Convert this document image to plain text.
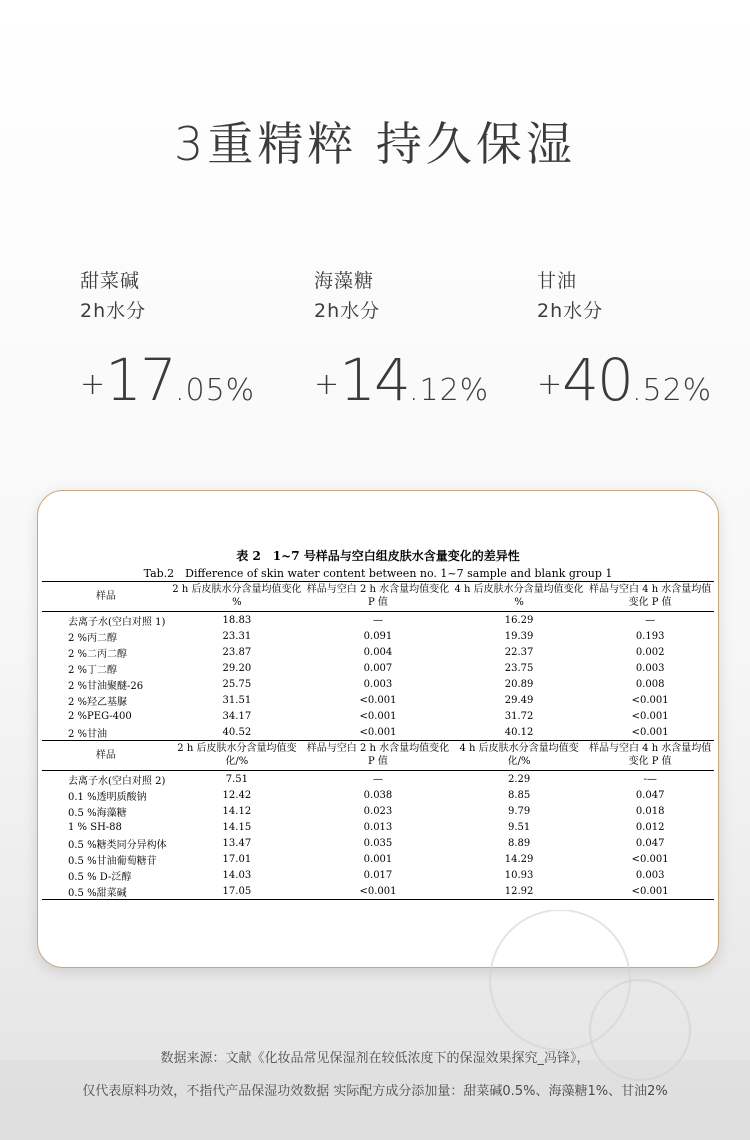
3重精粹 持久保湿
甜菜碱
2h水分
+17.05%
海藻糖
2h水分
+14.12%
甘油
2h水分
+40.52%
表 2　1~7 号样品与空白组皮肤水含量变化的差异性
Tab.2　Difference of skin water content between no. 1~7 sample and blank group 1
样品	2 h 后皮肤水分含量均值变化 %	样品与空白 2 h 水含量均值变化 P 值	4 h 后皮肤水分含量均值变化 %	样品与空白 4 h 水含量均值变化 P 值
去离子水(空白对照 1)	18.83	—	16.29	—
2 %丙二醇	23.31	0.091	19.39	0.193
2 %二丙二醇	23.87	0.004	22.37	0.002
2 %丁二醇	29.20	0.007	23.75	0.003
2 %甘油聚醚-26	25.75	0.003	20.89	0.008
2 %羟乙基脲	31.51	<0.001	29.49	<0.001
2 %PEG-400	34.17	<0.001	31.72	<0.001
2 %甘油	40.52	<0.001	40.12	<0.001
样品	2 h 后皮肤水分含量均值变化/%	样品与空白 2 h 水含量均值变化 P 值	4 h 后皮肤水分含量均值变化/%	样品与空白 4 h 水含量均值变化 P 值
去离子水(空白对照 2)	7.51	—	2.29	-—
0.1 %透明质酸钠	12.42	0.038	8.85	0.047
0.5 %海藻糖	14.12	0.023	9.79	0.018
1 % SH-88	14.15	0.013	9.51	0.012
0.5 %糖类同分异构体	13.47	0.035	8.89	0.047
0.5 %甘油葡萄糖苷	17.01	0.001	14.29	<0.001
0.5 % D-泛醇	14.03	0.017	10.93	0.003
0.5 %甜菜碱	17.05	<0.001	12.92	<0.001
数据来源：文献《化妆品常见保湿剂在较低浓度下的保湿效果探究_冯锋》，
仅代表原料功效，不指代产品保湿功效数据 实际配方成分添加量：甜菜碱0.5%、海藻糖1%、甘油2%
